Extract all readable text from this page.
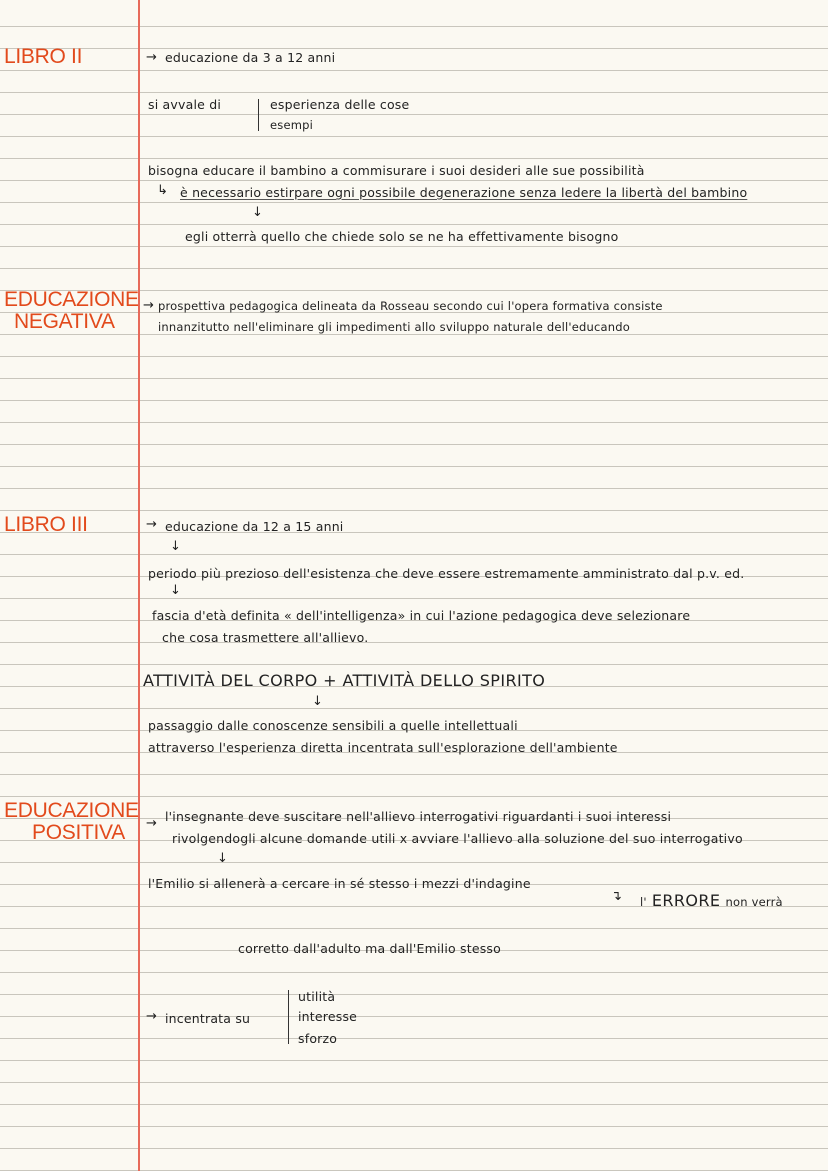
LIBRO II	→ educazione da 3 a 12 anni
si avvale di	esperienza delle cose
esempi
bisogna educare il bambino a commisurare i suoi desideri alle sue possibilità
↳ è necessario estirpare ogni possibile degenerazione senza ledere la libertà del bambino
↓
egli otterrà quello che chiede solo se ne ha effettivamente bisogno
EDUCAZIONE
NEGATIVA
→ prospettiva pedagogica delineata da Rosseau secondo cui l'opera formativa consiste
innanzitutto nell'eliminare gli impedimenti allo sviluppo naturale dell'educando
LIBRO III	→ educazione da 12 a 15 anni
↓
periodo più prezioso dell'esistenza che deve essere estremamente amministrato dal p.v. ed.
↓
fascia d'età definita « dell'intelligenza» in cui l'azione pedagogica deve selezionare
che cosa trasmettere all'allievo.
ATTIVITÀ DEL CORPO + ATTIVITÀ DELLO SPIRITO
↓
passaggio dalle conoscenze sensibili a quelle intellettuali
attraverso l'esperienza diretta incentrata sull'esplorazione dell'ambiente
EDUCAZIONE
POSITIVA → l'insegnante deve suscitare nell'allievo interrogativi riguardanti i suoi interessi
rivolgendogli alcune domande utili x avviare l'allievo alla soluzione del suo interrogativo
↓
l'Emilio si allenerà a cercare in sé stesso i mezzi d'indagine
↴ l' ERRORE non verrà
corretto dall'adulto ma dall'Emilio stesso
→ incentrata su
utilità
interesse
sforzo
